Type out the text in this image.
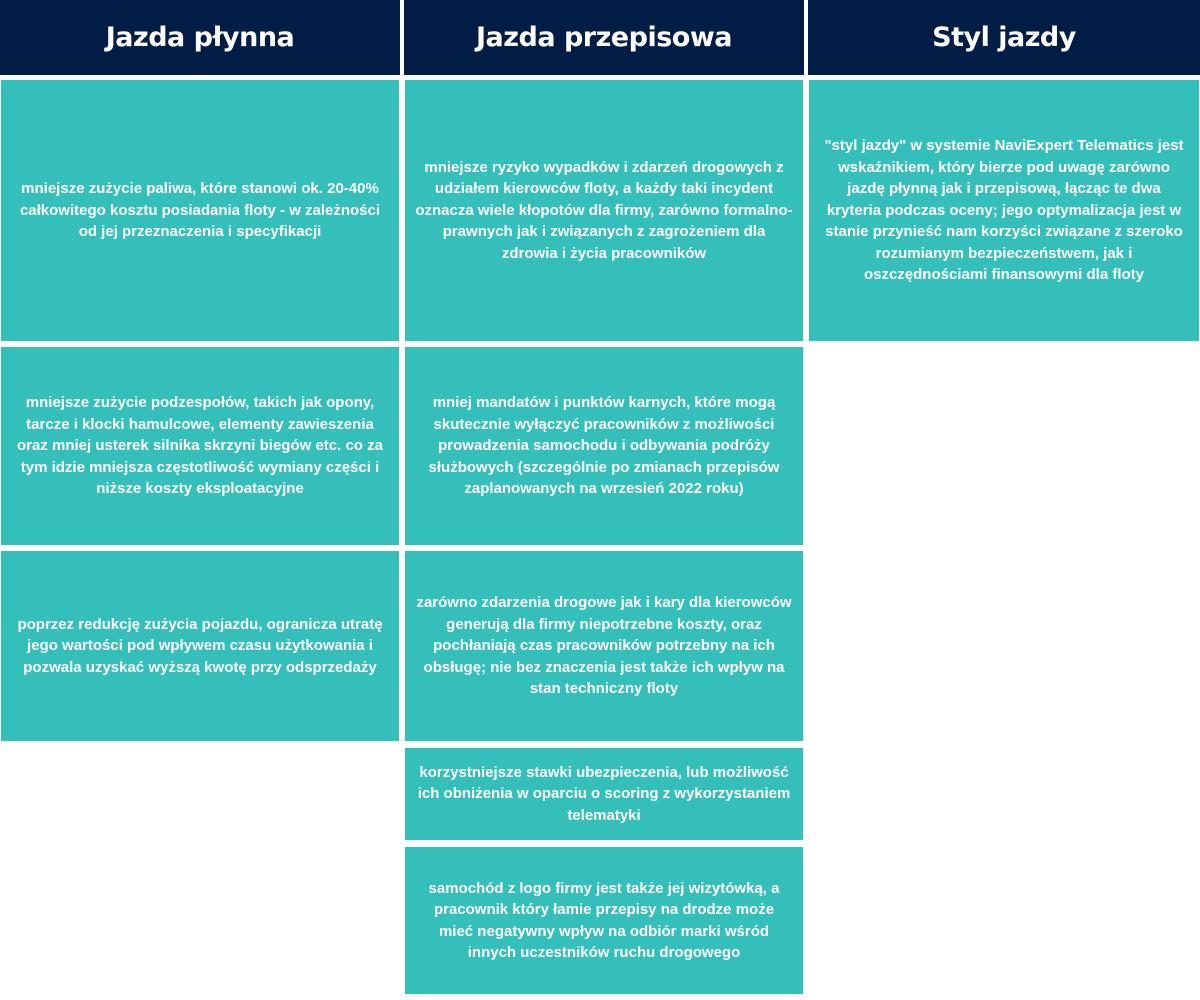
Jazda płynna
mniejsze zużycie paliwa, które stanowi ok. 20-40% całkowitego kosztu posiadania floty - w zależności od jej przeznaczenia i specyfikacji
mniejsze zużycie podzespołów, takich jak opony, tarcze i klocki hamulcowe, elementy zawieszenia oraz mniej usterek silnika skrzyni biegów etc. co za tym idzie mniejsza częstotliwość wymiany części i niższe koszty eksploatacyjne
poprzez redukcję zużycia pojazdu, ogranicza utratę jego wartości pod wpływem czasu użytkowania i pozwala uzyskać wyższą kwotę przy odsprzedaży
Jazda przepisowa
mniejsze ryzyko wypadków i zdarzeń drogowych z udziałem kierowców floty, a każdy taki incydent oznacza wiele kłopotów dla firmy, zarówno formalno-prawnych jak i związanych z zagrożeniem dla zdrowia i życia pracowników
mniej mandatów i punktów karnych, które mogą skutecznie wyłączyć pracowników z możliwości prowadzenia samochodu i odbywania podróży służbowych (szczególnie po zmianach przepisów zaplanowanych na wrzesień 2022 roku)
zarówno zdarzenia drogowe jak i kary dla kierowców generują dla firmy niepotrzebne koszty, oraz pochłaniają czas pracowników potrzebny na ich obsługę; nie bez znaczenia jest także ich wpływ na stan techniczny floty
korzystniejsze stawki ubezpieczenia, lub możliwość ich obniżenia w oparciu o scoring z wykorzystaniem telematyki
samochód z logo firmy jest także jej wizytówką, a pracownik który łamie przepisy na drodze może mieć negatywny wpływ na odbiór marki wśród innych uczestników ruchu drogowego
Styl jazdy
"styl jazdy" w systemie NaviExpert Telematics jest wskaźnikiem, który bierze pod uwagę zarówno jazdę płynną jak i przepisową, łącząc te dwa kryteria podczas oceny; jego optymalizacja jest w stanie przynieść nam korzyści związane z szeroko rozumianym bezpieczeństwem, jak i oszczędnościami finansowymi dla floty
